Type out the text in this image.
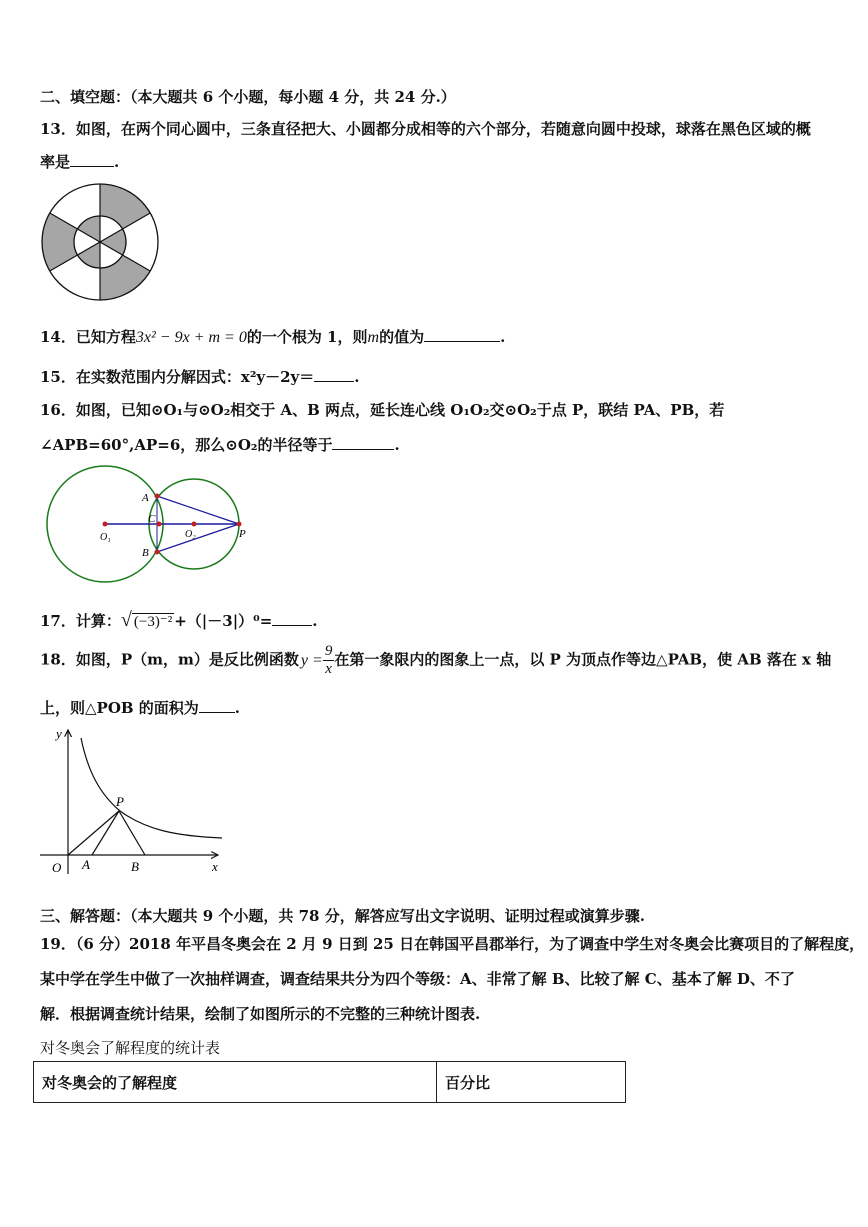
二、填空题：（本大题共 6 个小题，每小题 4 分，共 24 分.）
13．如图，在两个同心圆中，三条直径把大、小圆都分成相等的六个部分，若随意向圆中投球，球落在黑色区域的概
率是	.
14．已知方程3x² − 9x + m = 0的一个根为 1，则m的值为	.
15．在实数范围内分解因式：x²y－2y＝	.
16．如图，已知⊙O₁与⊙O₂相交于 A、B 两点，延长连心线 O₁O₂交⊙O₂于点 P，联结 PA、PB，若
∠APB=60°,AP=6，那么⊙O₂的半径等于	.
A
B
C
O₁	O₂	P
17．计算：√ (−3)⁻² +（|－3|）⁰=	.
18．如图，P（m，m）是反比例函数 $y = \frac{9}{x}$ 在第一象限内的图象上一点，以 P 为顶点作等边△PAB，使 AB 落在 x 轴
上，则△POB 的面积为 .
y
x
O A	B
P
三、解答题：（本大题共 9 个小题，共 78 分，解答应写出文字说明、证明过程或演算步骤.
19．（6 分）2018 年平昌冬奥会在 2 月 9 日到 25 日在韩国平昌郡举行，为了调查中学生对冬奥会比赛项目的了解程度，
某中学在学生中做了一次抽样调查，调查结果共分为四个等级：A、非常了解 B、比较了解 C、基本了解 D、不了
解．根据调查统计结果，绘制了如图所示的不完整的三种统计图表.
对冬奥会了解程度的统计表
对冬奥会的了解程度	百分比
